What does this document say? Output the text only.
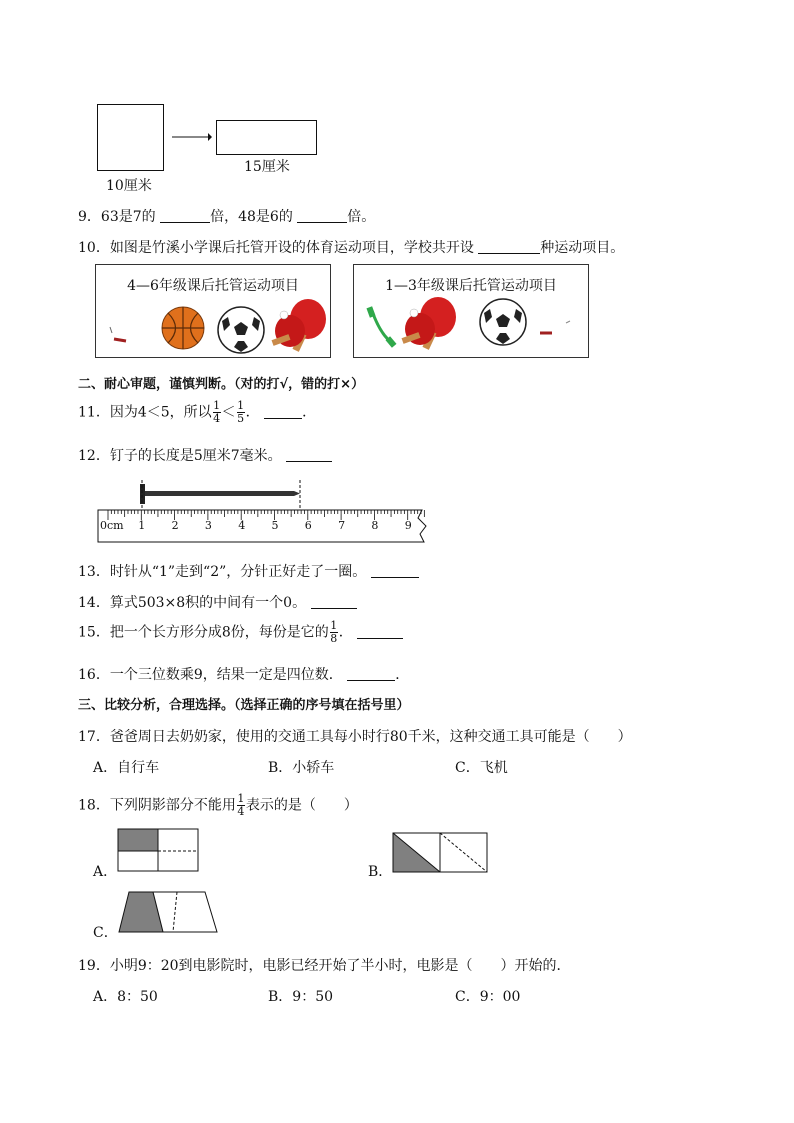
15厘米
10厘米
9．63是7的	倍，48是6的	倍。
10．如图是竹溪小学课后托管开设的体育运动项目，学校共开设	种运动项目。
4—6年级课后托管运动项目	1—3年级课后托管运动项目
二、耐心审题，谨慎判断。（对的打√，错的打×）
11．因为4＜5，所以 $\frac{1}{4} < \frac{1}{5}$ ．	．
12．钉子的长度是5厘米7毫米。
0cm 1 2 3 4 5 6 7 8 9
13．时针从“1”走到“2”，分针正好走了一圈。
14．算式503×8积的中间有一个0。
15．把一个长方形分成8份，每份是它的 $\frac{1}{8}$ ．
16．一个三位数乘9，结果一定是四位数．	．
三、比较分析，合理选择。（选择正确的序号填在括号里）
17．爸爸周日去奶奶家，使用的交通工具每小时行80千米，这种交通工具可能是（　　）
A．自行车	B．小轿车	C．飞机
18．下列阴影部分不能用 $\frac{1}{4}$ 表示的是（　　）
A．	B．
C．
19．小明9：20到电影院时，电影已经开始了半小时，电影是（　　）开始的．
A．8：50	B．9：50	C．9：00
